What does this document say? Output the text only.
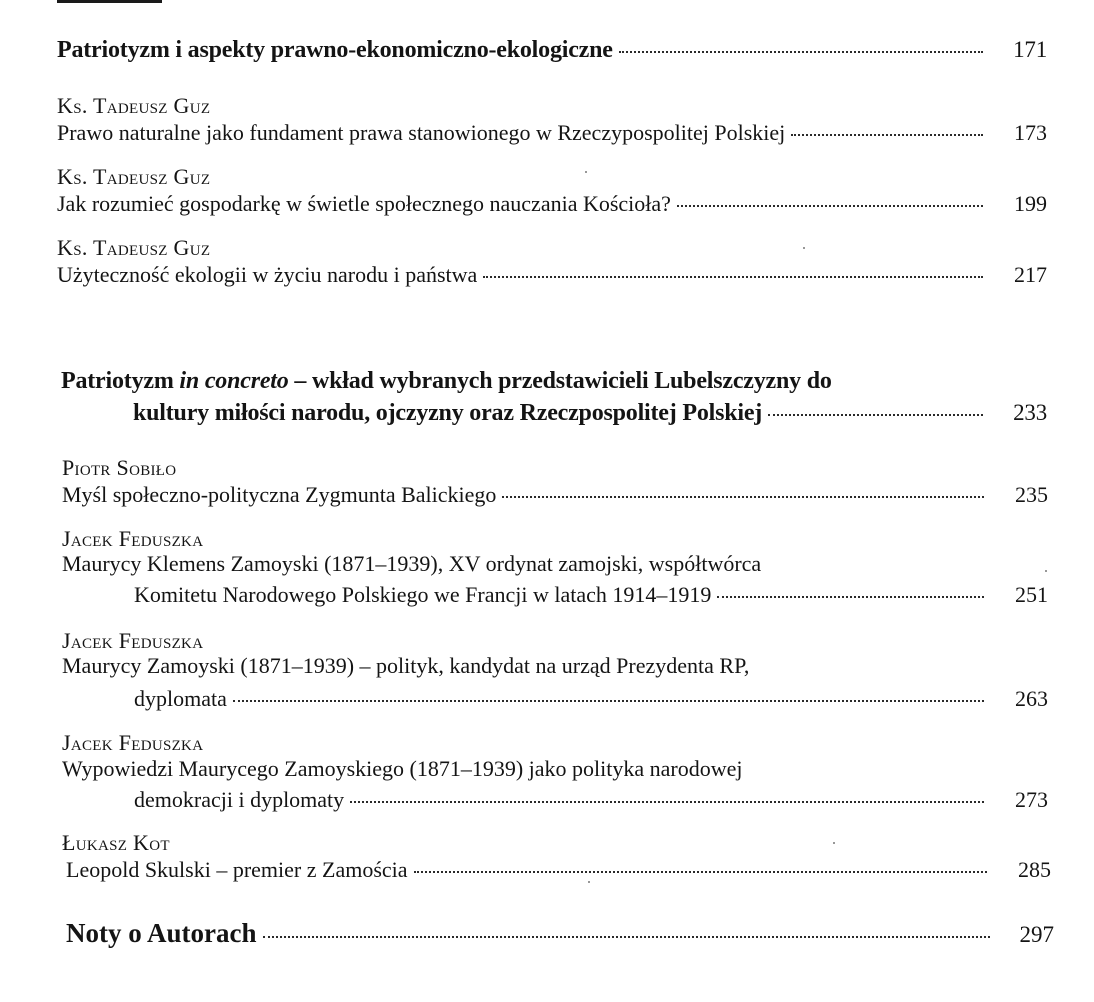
Patriotyzm i aspekty prawno-ekonomiczno-ekologiczne	171
Ks. Tadeusz Guz
Prawo naturalne jako fundament prawa stanowionego w Rzeczypospolitej Polskiej	173
Ks. Tadeusz Guz
Jak rozumieć gospodarkę w świetle społecznego nauczania Kościoła?	199
Ks. Tadeusz Guz
Użyteczność ekologii w życiu narodu i państwa	217
Patriotyzm in concreto – wkład wybranych przedstawicieli Lubelszczyzny do
kultury miłości narodu, ojczyzny oraz Rzeczpospolitej Polskiej	233
Piotr Sobiło
Myśl społeczno-polityczna Zygmunta Balickiego	235
Jacek Feduszka
Maurycy Klemens Zamoyski (1871–1939), XV ordynat zamojski, współtwórca
Komitetu Narodowego Polskiego we Francji w latach 1914–1919	251
Jacek Feduszka
Maurycy Zamoyski (1871–1939) – polityk, kandydat na urząd Prezydenta RP,
dyplomata	263
Jacek Feduszka
Wypowiedzi Maurycego Zamoyskiego (1871–1939) jako polityka narodowej
demokracji i dyplomaty	273
Łukasz Kot
Leopold Skulski – premier z Zamościa	285
Noty o Autorach	297
